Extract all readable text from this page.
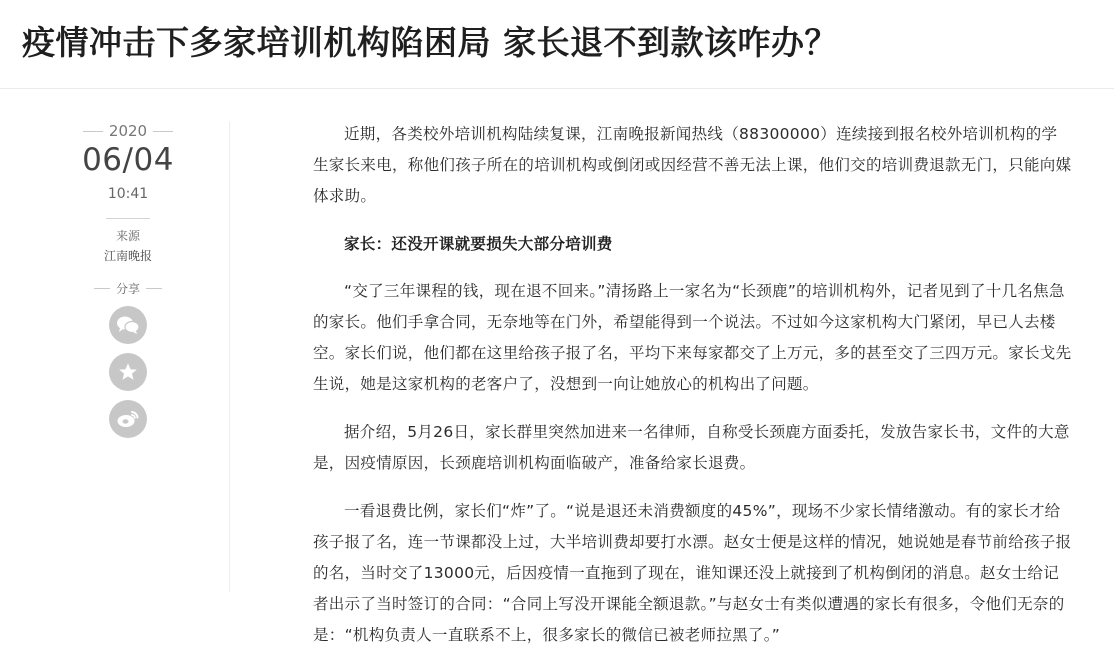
疫情冲击下多家培训机构陷困局 家长退不到款该咋办？
2020
06/04
10:41
来源
江南晚报
分享

近期，各类校外培训机构陆续复课，江南晚报新闻热线（88300000）连续接到报名校外培训机构的学生家长来电，称他们孩子所在的培训机构或倒闭或因经营不善无法上课，他们交的培训费退款无门，只能向媒体求助。

家长：还没开课就要损失大部分培训费

“交了三年课程的钱，现在退不回来。”清扬路上一家名为“长颈鹿”的培训机构外，记者见到了十几名焦急的家长。他们手拿合同，无奈地等在门外，希望能得到一个说法。不过如今这家机构大门紧闭，早已人去楼空。家长们说，他们都在这里给孩子报了名，平均下来每家都交了上万元，多的甚至交了三四万元。家长戈先生说，她是这家机构的老客户了，没想到一向让她放心的机构出了问题。

据介绍，5月26日，家长群里突然加进来一名律师，自称受长颈鹿方面委托，发放告家长书，文件的大意是，因疫情原因，长颈鹿培训机构面临破产，准备给家长退费。

一看退费比例，家长们“炸”了。“说是退还未消费额度的45%”，现场不少家长情绪激动。有的家长才给孩子报了名，连一节课都没上过，大半培训费却要打水漂。赵女士便是这样的情况，她说她是春节前给孩子报的名，当时交了13000元，后因疫情一直拖到了现在，谁知课还没上就接到了机构倒闭的消息。赵女士给记者出示了当时签订的合同：“合同上写没开课能全额退款。”与赵女士有类似遭遇的家长有很多，令他们无奈的是：“机构负责人一直联系不上，很多家长的微信已被老师拉黑了。”
